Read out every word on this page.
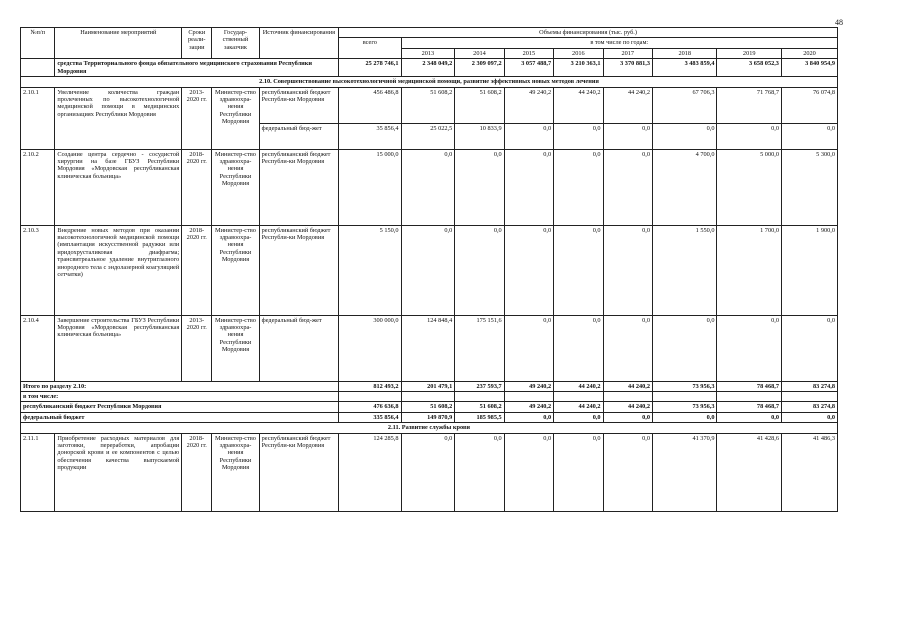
48
№п/п	Наименование мероприятий	Сроки реали-зации	Государ-ственный заказчик	Источник финансирования	Объемы финансирования (тыс. руб.)								
					всего	в том числе по годам:							
						2013	2014	2015	2016	2017	2018	2019	2020
	средства Территориального фонда обязательного медицинского страхования Республики Мордовия				25 278 746,1	2 348 049,2	2 309 097,2	3 057 488,7	3 210 363,1	3 370 881,3	3 483 859,4	3 658 052,3	3 840 954,9
2.10. Совершенствование высокотехнологичной медицинской помощи, развитие эффективных новых методов лечения													
2.10.1	Увеличение количества граждан пролеченных по высокотехнологичной медицинской помощи в медицинских организациях Республики Мордовия	2013-2020 гг.	Министер-ство здравоохра-нения Республики Мордовия	республиканский бюджет Республи-ки Мордовия	456 486,8	51 608,2	51 608,2	49 240,2	44 240,2	44 240,2	67 706,3	71 768,7	76 074,8
				федеральный бюд-жет	35 856,4	25 022,5	10 833,9	0,0	0,0	0,0	0,0	0,0	0,0
2.10.2	Создание центра сердечно - сосудистой хирургии на базе ГБУЗ Республики Мордовия «Мордовская республиканская клиническая больница»	2018-2020 гг.	Министер-ство здравоохра-нения Республики Мордовия	республиканский бюджет Республи-ки Мордовия	15 000,0	0,0	0,0	0,0	0,0	0,0	4 700,0	5 000,0	5 300,0
2.10.3	Внедрение новых методов при оказании высокотехнологичной медицинской помощи (имплантация искусственной радужки или иридохрусталиковая диафрагма; трансвитреальное удаление внутриглазного инородного тела с эндолазерной коагуляцией сетчатки)	2018-2020 гг.	Министер-ство здравоохра-нения Республики Мордовия	республиканский бюджет Республи-ки Мордовия	5 150,0	0,0	0,0	0,0	0,0	0,0	1 550,0	1 700,0	1 900,0
2.10.4	Завершение строительства ГБУЗ Республики Мордовия «Мордовская республиканская клиническая больница»	2013-2020 гг.	Министер-ство здравоохра-нения Республики Мордовия	федеральный бюд-жет	300 000,0	124 848,4	175 151,6	0,0	0,0	0,0	0,0	0,0	0,0
Итого по разделу 2.10:					812 493,2	201 479,1	237 593,7	49 240,2	44 240,2	44 240,2	73 956,3	78 468,7	83 274,8
в том числе:													
республиканский бюджет Республики Мордовия					476 636,8	51 608,2	51 608,2	49 240,2	44 240,2	44 240,2	73 956,3	78 468,7	83 274,8
федеральный бюджет					335 856,4	149 870,9	185 985,5	0,0	0,0	0,0	0,0	0,0	0,0
2.11. Развитие службы крови													
2.11.1	Приобретение расходных материалов для заготовки, переработки, апробации донорской крови и ее компонентов с целью обеспечения качества выпускаемой продукции	2018-2020 гг.	Министер-ство здравоохра-нения Республики Мордовия	республиканский бюджет Республи-ки Мордовия	124 285,8	0,0	0,0	0,0	0,0	0,0	41 370,9	41 428,6	41 486,3
